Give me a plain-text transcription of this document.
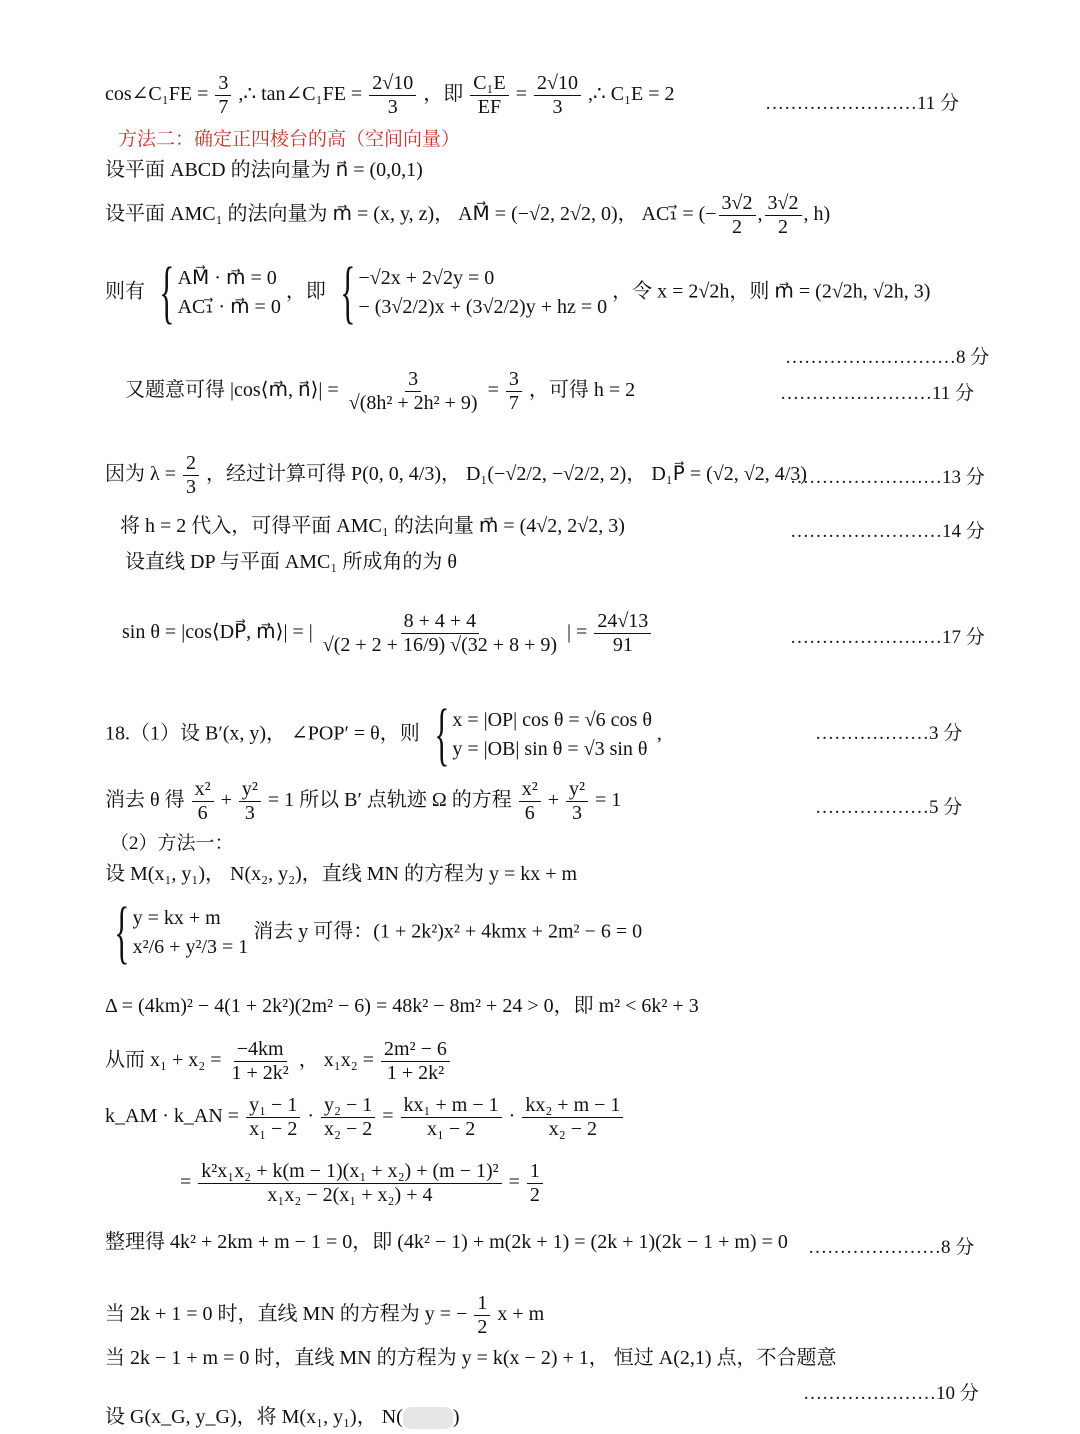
cos∠C₁FE = $\frac{3}{7}$ ,∴ tan∠C₁FE = $\frac{2√10}{3}$ ，即 $\frac{\text{C₁E}}{EF} = \frac{2√10}{3}$ ,∴ C₁E = 2	……………………11 分
方法二：确定正四棱台的高（空间向量）
设平面 ABCD 的法向量为 n⃗ = (0,0,1)
设平面 AMC₁ 的法向量为 m⃗ = (x, y, z)， AM⃗ = (−√2, 2√2, 0)， AC₁⃗ = (− $\frac{3√2}{2}$ , $\frac{3√2}{2}$ , h)
则有 { AM⃗ · m⃗ = 0
AC₁⃗ · m⃗ = 0
，即 { −√2x + 2√2y = 0
− (3√2/2)x + (3√2/2)y + hz = 0
，令 x = 2√2h，则 m⃗ = (2√2h, √2h, 3)
………………………8 分
又题意可得 |cos⟨m⃗, n⃗⟩| = $\frac{3}{\text{√(8h² + 2h² + 9)}} = \frac{3}{7}$ ，可得 h = 2	……………………11 分
因为 $\lambda = \frac{2}{3}$ ，经过计算可得 P(0, 0, 4/3)， D₁(−√2/2, −√2/2, 2)， D₁P⃗ = (√2, √2, 4/3)
……………………13 分
将 h = 2 代入，可得平面 AMC₁ 的法向量 m⃗ = (4√2, 2√2, 3)	……………………14 分
设直线 DP 与平面 AMC₁ 所成角的为 θ
sin θ = |cos⟨DP⃗, m⃗⟩| = | $\frac{8 + 4 + 4}{√(2 + 2 + 16/9) √(32 + 8 + 9)}$ | = $\frac{24√13}{91}$	……………………17 分
18.（1）设 B′(x, y)， ∠POP′ = θ，则 { x = |OP| cos θ = √6 cos θ
y = |OB| sin θ = √3 sin θ
,	………………3 分
消去 θ 得 $\frac{\text{x²}}{6} + \frac{\text{y²}}{3} = 1$ 所以 B′ 点轨迹 Ω 的方程 $\frac{\text{x²}}{6} + \frac{\text{y²}}{3} = 1$	………………5 分
（2）方法一：
设 M(x₁, y₁)， N(x₂, y₂)，直线 MN 的方程为 y = kx + m
{ y = kx + m
x²/6 + y²/3 = 1
消去 y 可得：(1 + 2k²)x² + 4kmx + 2m² − 6 = 0
Δ = (4km)² − 4(1 + 2k²)(2m² − 6) = 48k² − 8m² + 24 > 0，即 m² < 6k² + 3
从而 $x_1 + x_2 = \frac{-4km}{\text{1 + 2k²}}$ ， $x_1x_2 = \frac{\text{2m² − 6}}{\text{1 + 2k²}}$
k_AM · k_AN = $\frac{\text{y₁ − 1}}{\text{x₁ − 2}} \cdot \frac{\text{y₂ − 1}}{\text{x₂ − 2}} = \frac{\text{kx₁ + m − 1}}{\text{x₁ − 2}} \cdot \frac{\text{kx₂ + m − 1}}{\text{x₂ − 2}}$
= $\frac{\text{k²x₁x₂ + k(m − 1)(x₁ + x₂) + (m − 1)²}}{\text{x₁x₂ − 2(x₁ + x₂) + 4}} = \frac{1}{2}$
整理得 4k² + 2km + m − 1 = 0，即 (4k² − 1) + m(2k + 1) = (2k + 1)(2k − 1 + m) = 0 …………………8 分
当 2k + 1 = 0 时，直线 MN 的方程为 y = − $\frac{1}{2}$ x + m
当 2k − 1 + m = 0 时，直线 MN 的方程为 y = k(x − 2) + 1， 恒过 A(2,1) 点，不合题意
…………………10 分
设 G(x_G, y_G)，将 M(x₁, y₁)， N(	)
